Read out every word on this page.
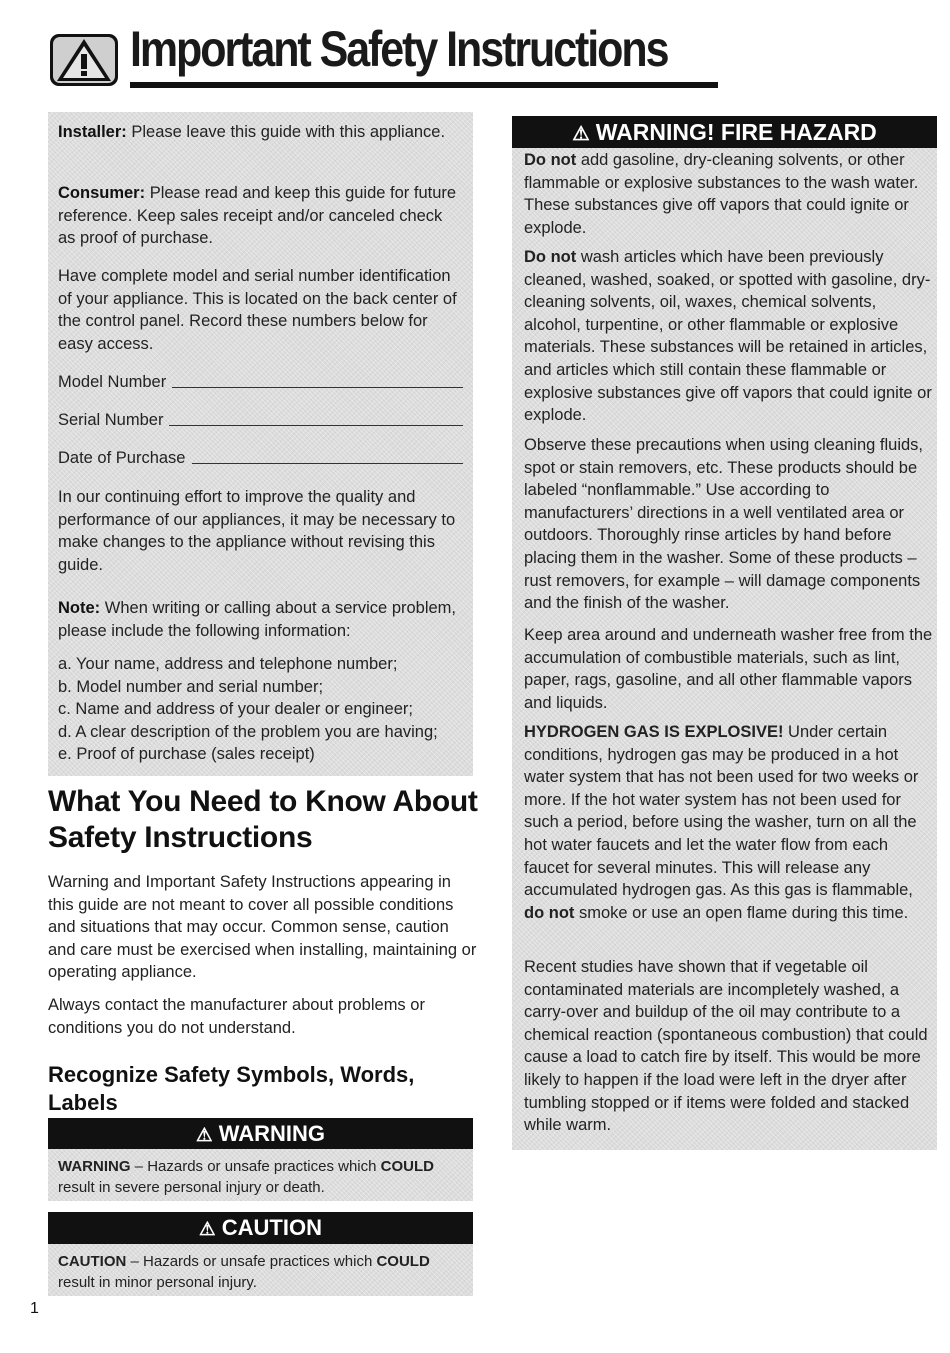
Important Safety Instructions
Installer: Please leave this guide with this appliance.
Consumer: Please read and keep this guide for future reference. Keep sales receipt and/or canceled check as proof of purchase.
Have complete model and serial number identification of your appliance. This is located on the back center of the control panel. Record these numbers below for easy access.
Model Number
Serial Number
Date of Purchase
In our continuing effort to improve the quality and performance of our appliances, it may be necessary to make changes to the appliance without revising this guide.
Note: When writing or calling about a service problem, please include the following information:
a. Your name, address and telephone number;
b. Model number and serial number;
c. Name and address of your dealer or engineer;
d. A clear description of the problem you are having;
e. Proof of purchase (sales receipt)
What You Need to Know About
Safety Instructions
Warning and Important Safety Instructions appearing in this guide are not meant to cover all possible conditions and situations that may occur. Common sense, caution and care must be exercised when installing, maintaining or operating appliance.
Always contact the manufacturer about problems or conditions you do not understand.
Recognize Safety Symbols, Words,
Labels
⚠ WARNING
WARNING – Hazards or unsafe practices which COULD result in severe personal injury or death.
⚠ CAUTION
CAUTION – Hazards or unsafe practices which COULD result in minor personal injury.
⚠ WARNING! FIRE HAZARD
Do not add gasoline, dry-cleaning solvents, or other flammable or explosive substances to the wash water. These substances give off vapors that could ignite or explode.
Do not wash articles which have been previously cleaned, washed, soaked, or spotted with gasoline, dry-cleaning solvents, oil, waxes, chemical solvents, alcohol, turpentine, or other flammable or explosive materials. These substances will be retained in articles, and articles which still contain these flammable or explosive substances give off vapors that could ignite or explode.
Observe these precautions when using cleaning fluids, spot or stain removers, etc. These products should be labeled “nonflammable.” Use according to manufacturers’ directions in a well ventilated area or outdoors. Thoroughly rinse articles by hand before placing them in the washer. Some of these products – rust removers, for example – will damage components and the finish of the washer.
Keep area around and underneath washer free from the accumulation of combustible materials, such as lint, paper, rags, gasoline, and all other flammable vapors and liquids.
HYDROGEN GAS IS EXPLOSIVE! Under certain conditions, hydrogen gas may be produced in a hot water system that has not been used for two weeks or more. If the hot water system has not been used for such a period, before using the washer, turn on all the hot water faucets and let the water flow from each faucet for several minutes. This will release any accumulated hydrogen gas. As this gas is flammable, do not smoke or use an open flame during this time.
Recent studies have shown that if vegetable oil contaminated materials are incompletely washed, a carry-over and buildup of the oil may contribute to a chemical reaction (spontaneous combustion) that could cause a load to catch fire by itself. This would be more likely to happen if the load were left in the dryer after tumbling stopped or if items were folded and stacked while warm.
1
